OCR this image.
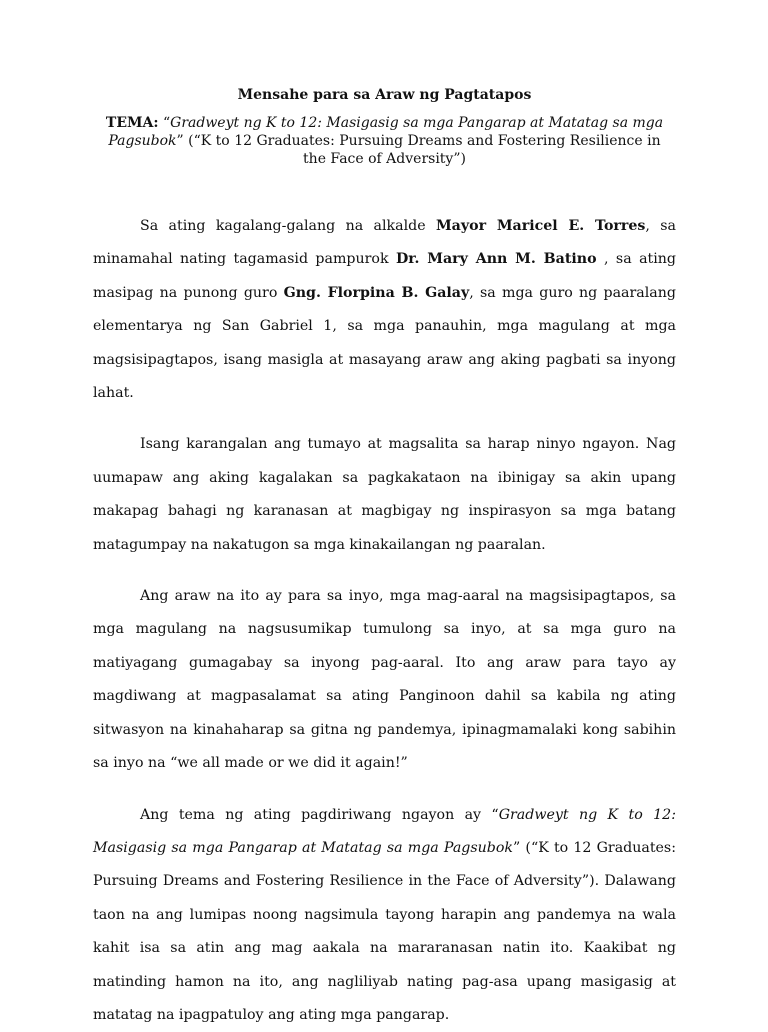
Mensahe para sa Araw ng Pagtatapos

TEMA: “Gradweyt ng K to 12: Masigasig sa mga Pangarap at Matatag sa mga Pagsubok” (“K to 12 Graduates: Pursuing Dreams and Fostering Resilience in the Face of Adversity”)

Sa ating kagalang-galang na alkalde Mayor Maricel E. Torres, sa minamahal nating tagamasid pampurok Dr. Mary Ann M. Batino , sa ating masipag na punong guro Gng. Florpina B. Galay, sa mga guro ng paaralang elementarya ng San Gabriel 1, sa mga panauhin, mga magulang at mga magsisipagtapos, isang masigla at masayang araw ang aking pagbati sa inyong lahat.

Isang karangalan ang tumayo at magsalita sa harap ninyo ngayon. Nag uumapaw ang aking kagalakan sa pagkakataon na ibinigay sa akin upang makapag bahagi ng karanasan at magbigay ng inspirasyon sa mga batang matagumpay na nakatugon sa mga kinakailangan ng paaralan.

Ang araw na ito ay para sa inyo, mga mag-aaral na magsisipagtapos, sa mga magulang na nagsusumikap tumulong sa inyo, at sa mga guro na matiyagang gumagabay sa inyong pag-aaral. Ito ang araw para tayo ay magdiwang at magpasalamat sa ating Panginoon dahil sa kabila ng ating sitwasyon na kinahaharap sa gitna ng pandemya, ipinagmamalaki kong sabihin sa inyo na “we all made or we did it again!”

Ang tema ng ating pagdiriwang ngayon ay “Gradweyt ng K to 12: Masigasig sa mga Pangarap at Matatag sa mga Pagsubok” (“K to 12 Graduates: Pursuing Dreams and Fostering Resilience in the Face of Adversity”). Dalawang taon na ang lumipas noong nagsimula tayong harapin ang pandemya na wala kahit isa sa atin ang mag aakala na mararanasan natin ito. Kaakibat ng matinding hamon na ito, ang nagliliyab nating pag-asa upang masigasig at matatag na ipagpatuloy ang ating mga pangarap.
